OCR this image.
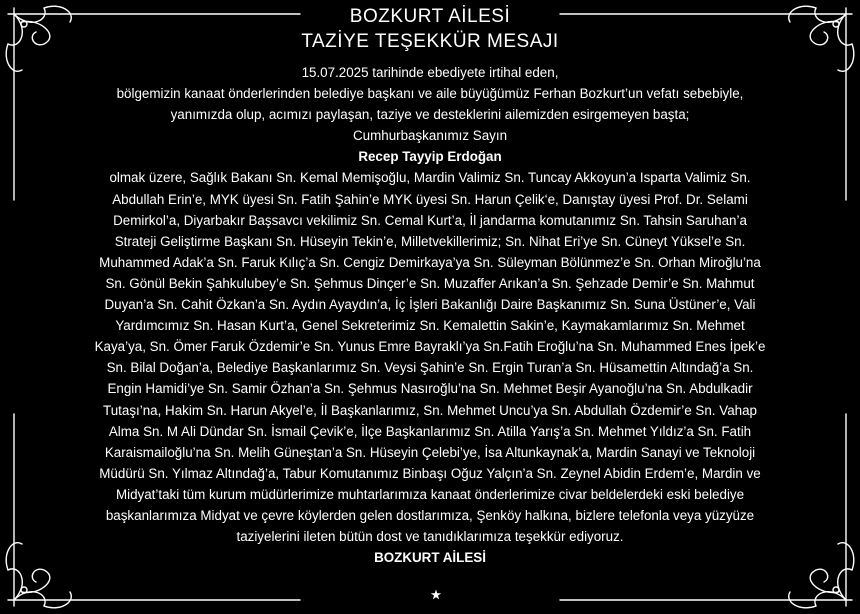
BOZKURT AİLESİ
TAZİYE TEŞEKKÜR MESAJI
15.07.2025 tarihinde ebediyete irtihal eden,
bölgemizin kanaat önderlerinden belediye başkanı ve aile büyüğümüz Ferhan Bozkurt’un vefatı sebebiyle,
yanımızda olup, acımızı paylaşan, taziye ve desteklerini ailemizden esirgemeyen başta;
Cumhurbaşkanımız Sayın
Recep Tayyip Erdoğan
olmak üzere, Sağlık Bakanı Sn. Kemal Memişoğlu, Mardin Valimiz Sn. Tuncay Akkoyun’a Isparta Valimiz Sn.
Abdullah Erin’e, MYK üyesi Sn. Fatih Şahin’e MYK üyesi Sn. Harun Çelik‘e, Danıştay üyesi Prof. Dr. Selami
Demirkol’a, Diyarbakır Başsavcı vekilimiz Sn. Cemal Kurt’a, İl jandarma komutanımız Sn. Tahsin Saruhan’a
Strateji Geliştirme Başkanı Sn. Hüseyin Tekin’e, Milletvekillerimiz; Sn. Nihat Eri’ye Sn. Cüneyt Yüksel’e Sn.
Muhammed Adak’a Sn. Faruk Kılıç’a Sn. Cengiz Demirkaya’ya Sn. Süleyman Bölünmez’e Sn. Orhan Miroğlu’na
Sn. Gönül Bekin Şahkulubey’e Sn. Şehmus Dinçer’e Sn. Muzaffer Arıkan’a Sn. Şehzade Demir’e Sn. Mahmut
Duyan’a Sn. Cahit Özkan’a Sn. Aydın Ayaydın’a, İç İşleri Bakanlığı Daire Başkanımız Sn. Suna Üstüner’e, Vali
Yardımcımız Sn. Hasan Kurt’a, Genel Sekreterimiz Sn. Kemalettin Sakin’e, Kaymakamlarımız Sn. Mehmet
Kaya’ya, Sn. Ömer Faruk Özdemir’e Sn. Yunus Emre Bayraklı’ya Sn.Fatih Eroğlu’na Sn. Muhammed Enes İpek’e
Sn. Bilal Doğan’a, Belediye Başkanlarımız Sn. Veysi Şahin’e Sn. Ergin Turan’a Sn. Hüsamettin Altındağ’a Sn.
Engin Hamidi’ye Sn. Samir Özhan’a Sn. Şehmus Nasıroğlu’na Sn. Mehmet Beşir Ayanoğlu’na Sn. Abdulkadir
Tutaşı’na, Hakim Sn. Harun Akyel’e, İl Başkanlarımız, Sn. Mehmet Uncu’ya Sn. Abdullah Özdemir’e Sn. Vahap
Alma Sn. M Ali Dündar Sn. İsmail Çevik’e, İlçe Başkanlarımız Sn. Atilla Yarış’a Sn. Mehmet Yıldız’a Sn. Fatih
Karaismailoğlu’na Sn. Melih Güneştan’a Sn. Hüseyin Çelebi’ye, İsa Altunkaynak’a, Mardin Sanayi ve Teknoloji
Müdürü Sn. Yılmaz Altındağ’a, Tabur Komutanımız Binbaşı Oğuz Yalçın’a Sn. Zeynel Abidin Erdem’e, Mardin ve
Midyat’taki tüm kurum müdürlerimize muhtarlarımıza kanaat önderlerimize civar beldelerdeki eski belediye
başkanlarımıza Midyat ve çevre köylerden gelen dostlarımıza, Şenköy halkına, bizlere telefonla veya yüzyüze
taziyelerini ileten bütün dost ve tanıdıklarımıza teşekkür ediyoruz.
BOZKURT AİLESİ
